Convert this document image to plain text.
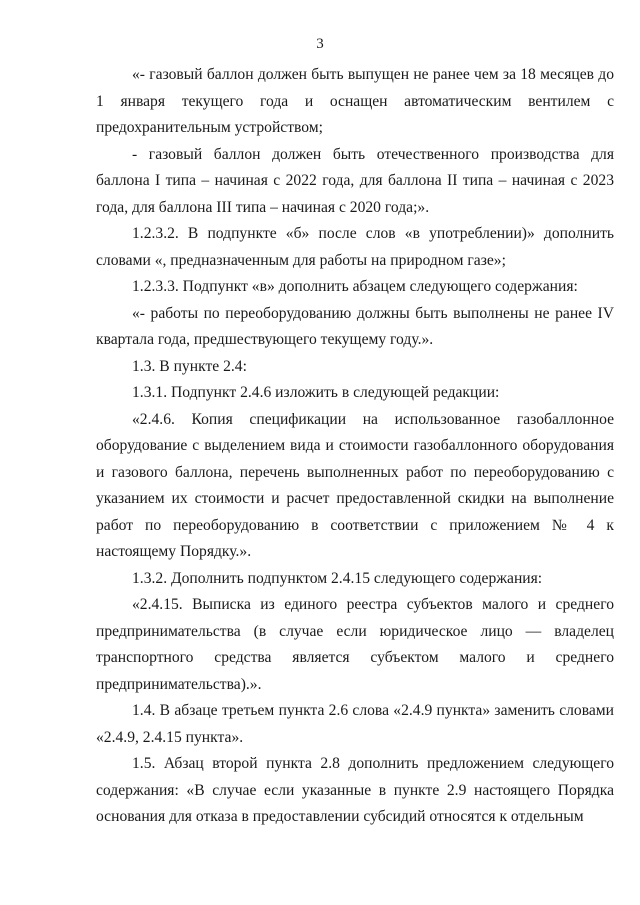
3

«- газовый баллон должен быть выпущен не ранее чем за 18 месяцев до 1 января текущего года и оснащен автоматическим вентилем с предохранительным устройством;

- газовый баллон должен быть отечественного производства для баллона I типа – начиная с 2022 года, для баллона II типа – начиная с 2023 года, для баллона III типа – начиная с 2020 года;».

1.2.3.2. В подпункте «б» после слов «в употреблении)» дополнить словами «, предназначенным для работы на природном газе»;

1.2.3.3. Подпункт «в» дополнить абзацем следующего содержания:

«- работы по переоборудованию должны быть выполнены не ранее IV квартала года, предшествующего текущему году.».

1.3. В пункте 2.4:

1.3.1. Подпункт 2.4.6 изложить в следующей редакции:

«2.4.6. Копия спецификации на использованное газобаллонное оборудование с выделением вида и стоимости газобаллонного оборудования и газового баллона, перечень выполненных работ по переоборудованию с указанием их стоимости и расчет предоставленной скидки на выполнение работ по переоборудованию в соответствии с приложением № 4 к настоящему Порядку.».

1.3.2. Дополнить подпунктом 2.4.15 следующего содержания:

«2.4.15. Выписка из единого реестра субъектов малого и среднего предпринимательства (в случае если юридическое лицо — владелец транспортного средства является субъектом малого и среднего предпринимательства).».

1.4. В абзаце третьем пункта 2.6 слова «2.4.9 пункта» заменить словами «2.4.9, 2.4.15 пункта».

1.5. Абзац второй пункта 2.8 дополнить предложением следующего содержания: «В случае если указанные в пункте 2.9 настоящего Порядка основания для отказа в предоставлении субсидий относятся к отдельным
